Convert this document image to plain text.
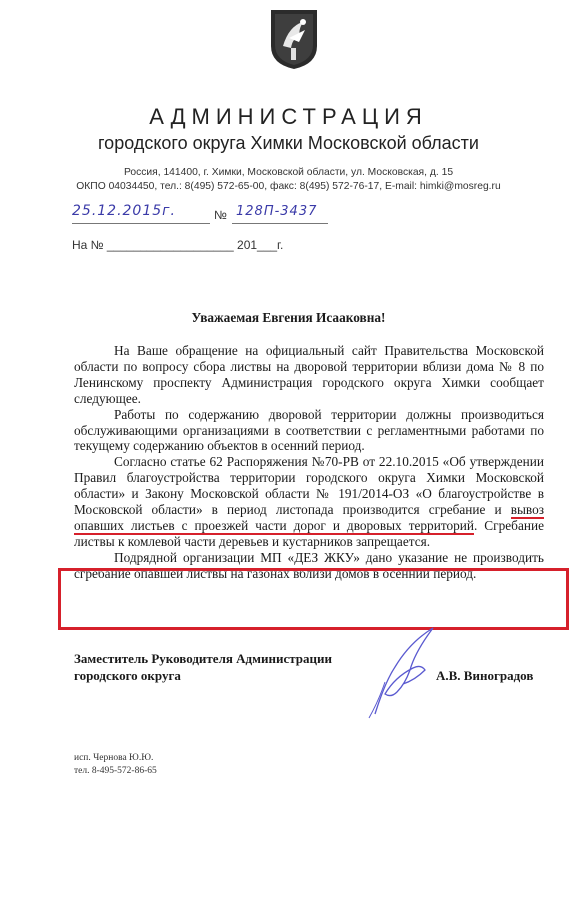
АДМИНИСТРАЦИЯ
городского округа Химки Московской области
Россия, 141400, г. Химки, Московской области, ул. Московская, д. 15
ОКПО 04034450, тел.: 8(495) 572-65-00, факс: 8(495) 572-76-17, E-mail: himki@mosreg.ru
25.12.2015г.	№ 128П-3437
На № ___________________ 201___г.
Уважаемая Евгения Исааковна!

На Ваше обращение на официальный сайт Правительства Московской области по вопросу сбора листвы на дворовой территории вблизи дома № 8 по Ленинскому проспекту Администрация городского округа Химки сообщает следующее.

Работы по содержанию дворовой территории должны производиться обслуживающими организациями в соответствии с регламентными работами по текущему содержанию объектов в осенний период.

Согласно статье 62 Распоряжения №70-РВ от 22.10.2015 «Об утверждении Правил благоустройства территории городского округа Химки Московской области» и Закону Московской области № 191/2014-ОЗ «О благоустройстве в Московской области» в период листопада производится сгребание и вывоз опавших листьев с проезжей части дорог и дворовых территорий. Сгребание листвы к комлевой части деревьев и кустарников запрещается.

Подрядной организации МП «ДЕЗ ЖКУ» дано указание не производить сгребание опавшей листвы на газонах вблизи домов в осенний период.

Заместитель Руководителя Администрации
городского округа	А.В. Виноградов
исп. Чернова Ю.Ю.
тел. 8-495-572-86-65
